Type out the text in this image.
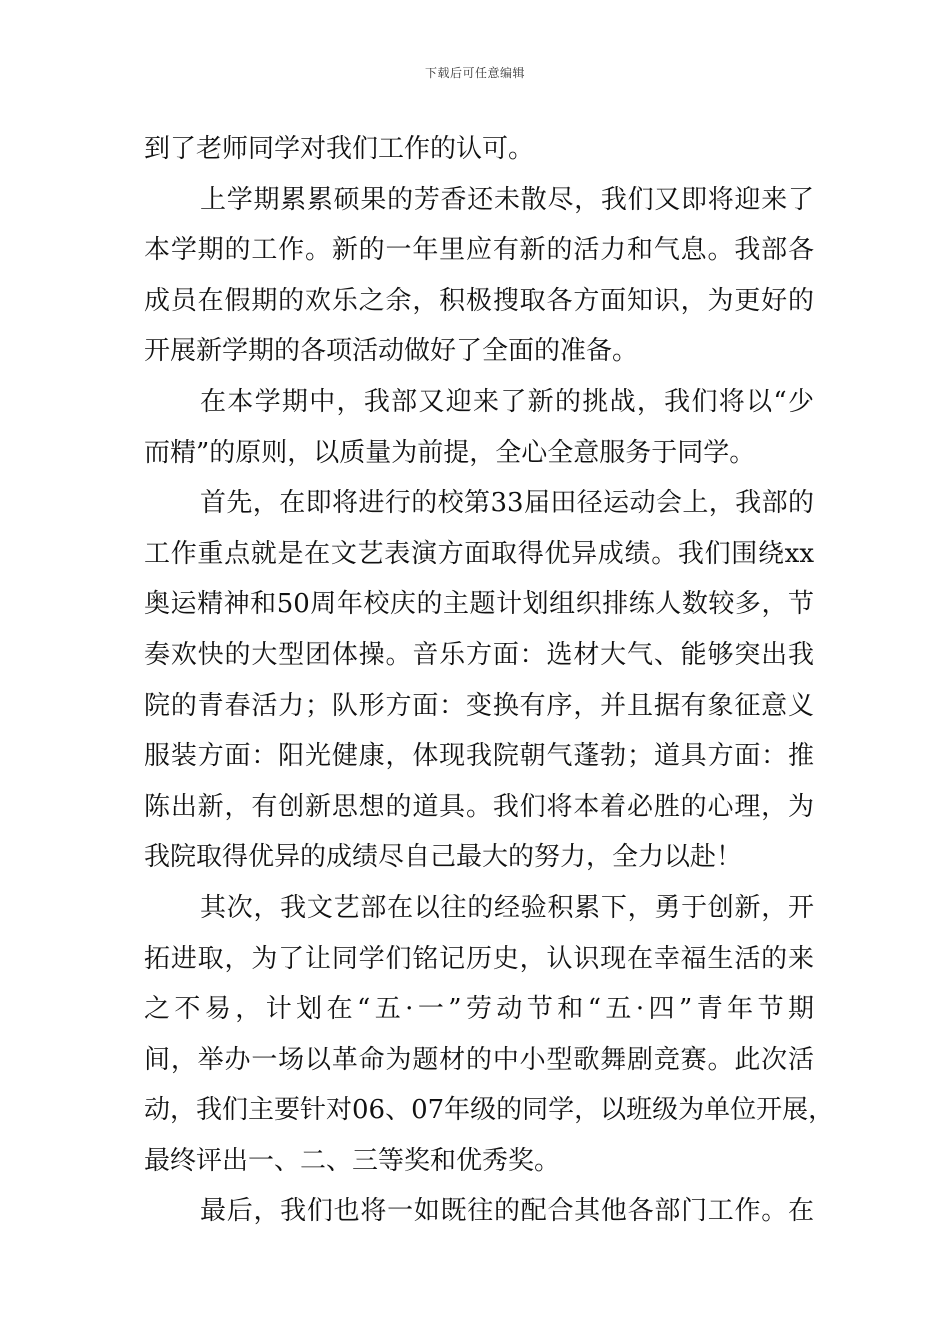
下载后可任意编辑
到了老师同学对我们工作的认可。
上学期累累硕果的芳香还未散尽，我们又即将迎来了
本学期的工作。新的一年里应有新的活力和气息。我部各
成员在假期的欢乐之余，积极搜取各方面知识，为更好的
开展新学期的各项活动做好了全面的准备。
在本学期中，我部又迎来了新的挑战，我们将以“少
而精”的原则，以质量为前提，全心全意服务于同学。
首先，在即将进行的校第33届田径运动会上，我部的
工作重点就是在文艺表演方面取得优异成绩。我们围绕xx
奥运精神和50周年校庆的主题计划组织排练人数较多，节
奏欢快的大型团体操。音乐方面：选材大气、能够突出我
院的青春活力；队形方面：变换有序，并且据有象征意义
服装方面：阳光健康，体现我院朝气蓬勃；道具方面：推
陈出新，有创新思想的道具。我们将本着必胜的心理，为
我院取得优异的成绩尽自己最大的努力，全力以赴！
其次，我文艺部在以往的经验积累下，勇于创新，开
拓进取，为了让同学们铭记历史，认识现在幸福生活的来
之不易，计划在“五·一”劳动节和“五·四”青年节期
间，举办一场以革命为题材的中小型歌舞剧竞赛。此次活
动，我们主要针对06、07年级的同学，以班级为单位开展，
最终评出一、二、三等奖和优秀奖。
最后，我们也将一如既往的配合其他各部门工作。在
